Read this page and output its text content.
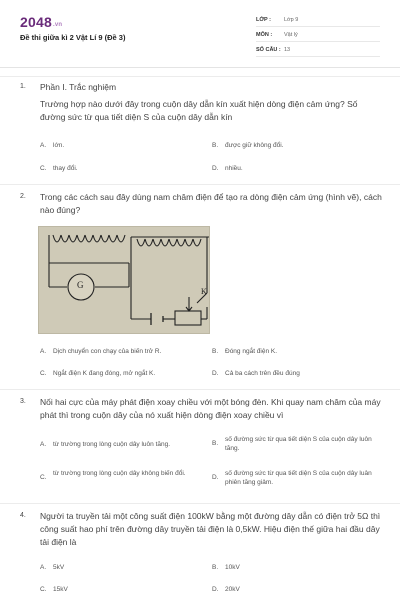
2048.vn
Đề thi giữa kì 2 Vật Lí 9 (Đề 3)
LỚP : Lớp 9
MÔN : Vật lý
SỐ CÂU : 13
1. Phần I. Trắc nghiệm
Trường hợp nào dưới đây trong cuộn dây dẫn kín xuất hiện dòng điện cảm ứng? Số đường sức từ qua tiết diện S của cuộn dây dẫn kín
A.	lớn.	B.	được giữ không đổi.
C.	thay đổi.	D.	nhiều.
2. Trong các cách sau đây dùng nam châm điện để tạo ra dòng điện cảm ứng (hình vẽ), cách nào đúng?
G
K
A.	Dịch chuyển con chạy của biến trở R.	B.	Đóng ngắt điện K.
C.	Ngắt điện K đang đóng, mở ngắt K.	D.	Cả ba cách trên đều đúng
3. Nối hai cực của máy phát điện xoay chiều với một bóng đèn. Khi quay nam châm của máy phát thì trong cuộn dây của nó xuất hiện dòng điện xoay chiều vì
A.	từ trường trong lòng cuộn dây luôn tăng.	B.
số đường sức từ qua tiết diện S của cuộn dây luôn tăng.
C.
từ trường trong lòng cuộn dây không biến đổi.
D.
số đường sức từ qua tiết diện S của cuộn dây luân phiên tăng giảm.
4. Người ta truyền tải một công suất điện 100kW bằng một đường dây dẫn có điện trở 5Ω thì công suất hao phí trên đường dây truyền tải điện là 0,5kW. Hiệu điện thế giữa hai đầu dây tải điện là
A.	5kV	B.	10kV
C.	15kV	D.	20kV
